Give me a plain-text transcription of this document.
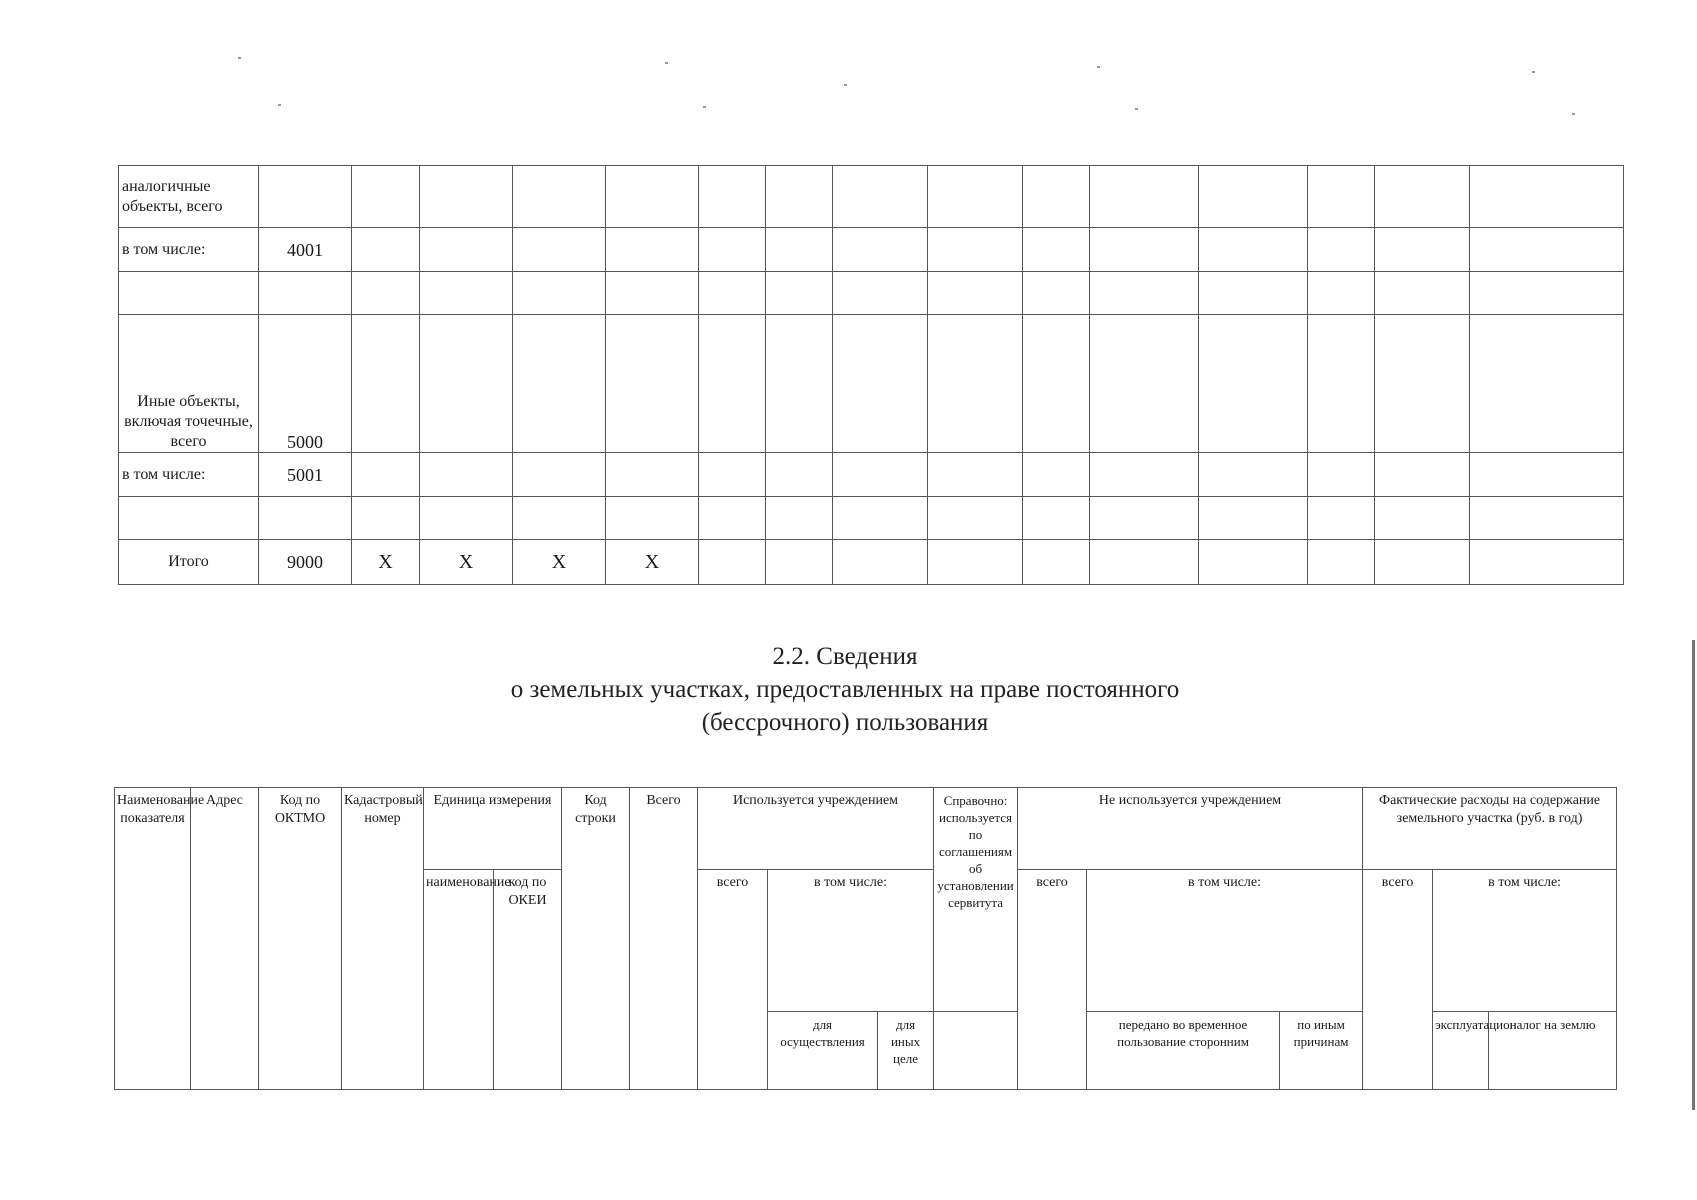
аналогичные объекты, всего															
в том числе:	4001														

Иные объекты, включая точечные, всего	5000														
в том числе:	5001														

Итого	9000	X	X	X	X										
2.2. Сведения
о земельных участках, предоставленных на праве постоянного
(бессрочного) пользования
Наименование показателя	Адрес	Код по ОКТМО	Кадастровый номер	Единица измерения		Код строки	Всего	Используется учреждением			Справочно: используется по соглашениям об установлении сервитута	Не используется учреждением			Фактические расходы на содержание земельного участка (руб. в год)		
				наименование	код по ОКЕИ			всего	в том числе:			всего	в том числе:		всего	в том числе:	
									для осуществления	для иных целе			передано во временное пользование сторонним	по иным причинам		эксплуатацион	налог на землю
